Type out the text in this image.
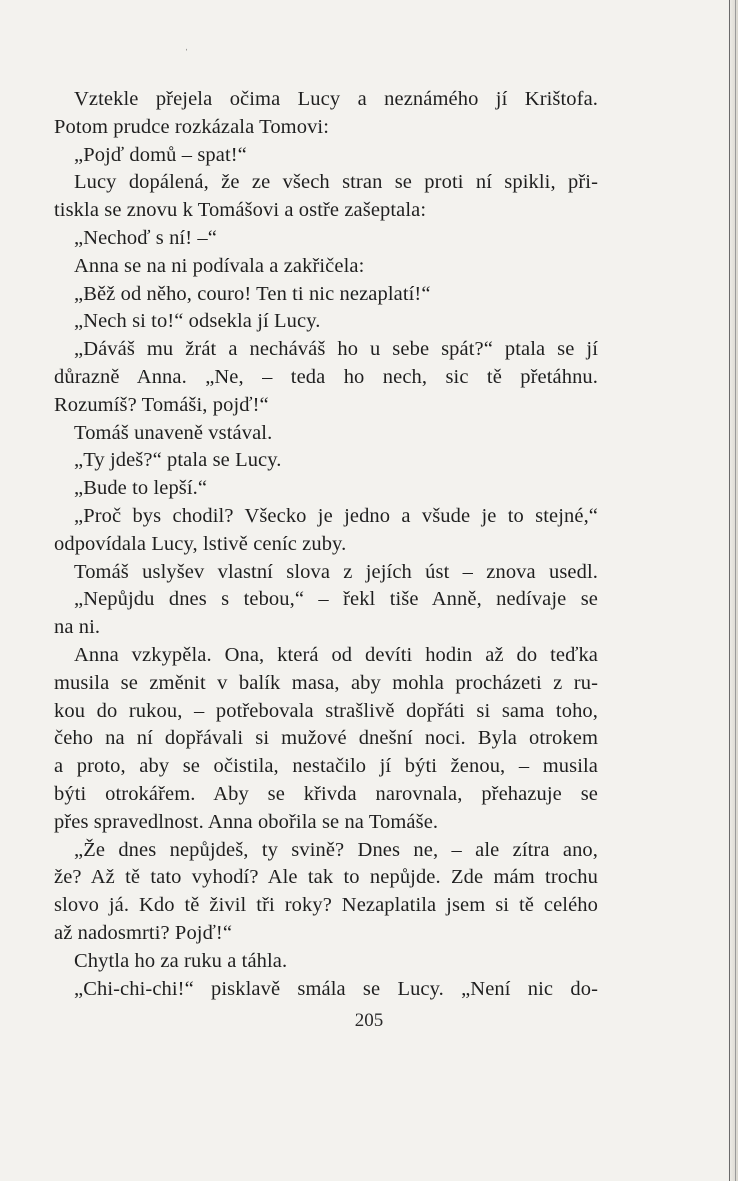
ˌ
Vztekle přejela očima Lucy a neznámého jí Krištofa.
Potom prudce rozkázala Tomovi:
„Pojď domů – spat!“
Lucy dopálená, že ze všech stran se proti ní spikli, při-
tiskla se znovu k Tomášovi a ostře zašeptala:
„Nechoď s ní! –“
Anna se na ni podívala a zakřičela:
„Běž od něho, couro! Ten ti nic nezaplatí!“
„Nech si to!“ odsekla jí Lucy.
„Dáváš mu žrát a necháváš ho u sebe spát?“ ptala se jí
důrazně Anna. „Ne, – teda ho nech, sic tě přetáhnu.
Rozumíš? Tomáši, pojď!“
Tomáš unaveně vstával.
„Ty jdeš?“ ptala se Lucy.
„Bude to lepší.“
„Proč bys chodil? Všecko je jedno a všude je to stejné,“
odpovídala Lucy, lstivě ceníc zuby.
Tomáš uslyšev vlastní slova z jejích úst – znova usedl.
„Nepůjdu dnes s tebou,“ – řekl tiše Anně, nedívaje se
na ni.
Anna vzkypěla. Ona, která od devíti hodin až do teďka
musila se změnit v balík masa, aby mohla procházeti z ru-
kou do rukou, – potřebovala strašlivě dopřáti si sama toho,
čeho na ní dopřávali si mužové dnešní noci. Byla otrokem
a proto, aby se očistila, nestačilo jí býti ženou, – musila
býti otrokářem. Aby se křivda narovnala, přehazuje se
přes spravedlnost. Anna obořila se na Tomáše.
„Že dnes nepůjdeš, ty svině? Dnes ne, – ale zítra ano,
že? Až tě tato vyhodí? Ale tak to nepůjde. Zde mám trochu
slovo já. Kdo tě živil tři roky? Nezaplatila jsem si tě celého
až nadosmrti? Pojď!“
Chytla ho za ruku a táhla.
„Chi-chi-chi!“ pisklavě smála se Lucy. „Není nic do-
205
